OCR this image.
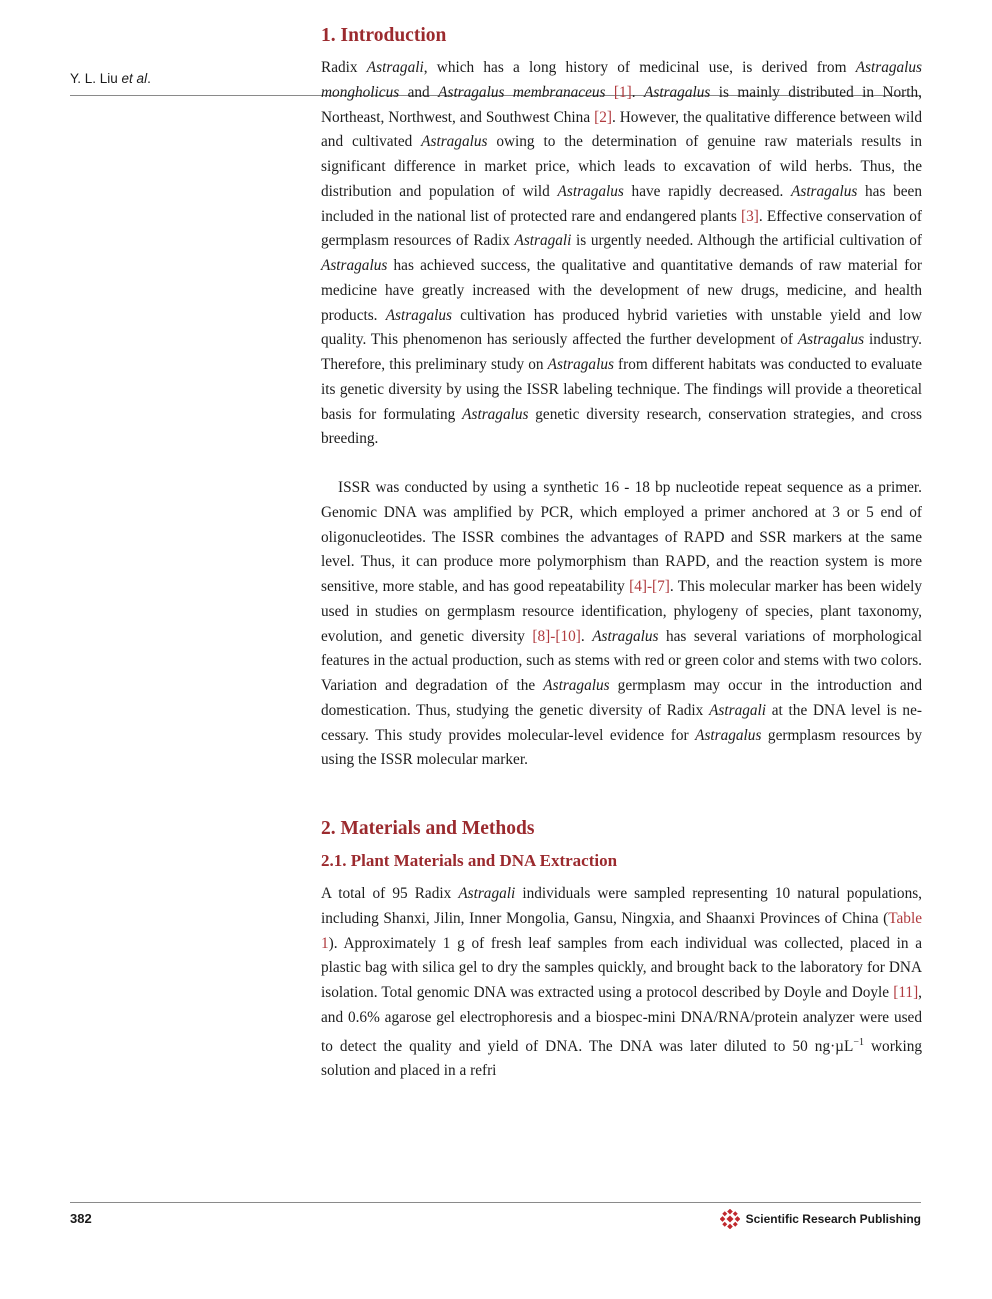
Y. L. Liu et al.
1. Introduction

Radix Astragali, which has a long history of medicinal use, is derived from Astragalus mongholicus and Astragalus membranaceus [1]. Astragalus is mainly distributed in North, Northeast, Northwest, and Southwest China [2]. However, the qualitative difference between wild and cultivated Astragalus owing to the determination of genuine raw materials results in significant difference in market price, which leads to excavation of wild herbs. Thus, the distribution and population of wild Astragalus have rapidly decreased. Astragalus has been included in the national list of protected rare and endangered plants [3]. Effective conservation of germplasm resources of Radix Astragali is urgently needed. Although the artificial cultivation of Astragalus has achieved success, the qualitative and quantitative demands of raw material for medicine have greatly increased with the development of new drugs, medicine, and health products. Astragalus cultivation has produced hybrid varieties with unstable yield and low quality. This phenomenon has seriously affected the further development of Astragalus industry. Therefore, this preliminary study on Astragalus from different habitats was conducted to evaluate its genetic diversity by using the ISSR labeling technique. The findings will provide a theoretical basis for formulating Astragalus genetic diversity research, conservation strategies, and cross breeding.

ISSR was conducted by using a synthetic 16 - 18 bp nucleotide repeat sequence as a primer. Genomic DNA was amplified by PCR, which employed a primer anchored at 3 or 5 end of oligonucleotides. The ISSR combines the advantages of RAPD and SSR markers at the same level. Thus, it can produce more polymorphism than RAPD, and the reaction system is more sensitive, more stable, and has good repeatability [4]-[7]. This molecular marker has been widely used in studies on germplasm resource identification, phylogeny of species, plant taxonomy, evolution, and genetic diversity [8]-[10]. Astragalus has several variations of morphological features in the actual production, such as stems with red or green color and stems with two colors. Variation and degradation of the Astragalus germplasm may occur in the introduction and domestication. Thus, studying the genetic diversity of Radix Astragali at the DNA level is necessary. This study provides molecular-level evidence for Astragalus germplasm resources by using the ISSR molecular marker.

2. Materials and Methods
2.1. Plant Materials and DNA Extraction

A total of 95 Radix Astragali individuals were sampled representing 10 natural populations, including Shanxi, Jilin, Inner Mongolia, Gansu, Ningxia, and Shaanxi Provinces of China (Table 1). Approximately 1 g of fresh leaf samples from each individual was collected, placed in a plastic bag with silica gel to dry the samples quickly, and brought back to the laboratory for DNA isolation. Total genomic DNA was extracted using a protocol described by Doyle and Doyle [11], and 0.6% agarose gel electrophoresis and a biospec-mini DNA/RNA/protein analyzer were used to detect the quality and yield of DNA. The DNA was later diluted to 50 ng·µL$^{-1}$ working solution and placed in a refri

382	Scientific Research Publishing
